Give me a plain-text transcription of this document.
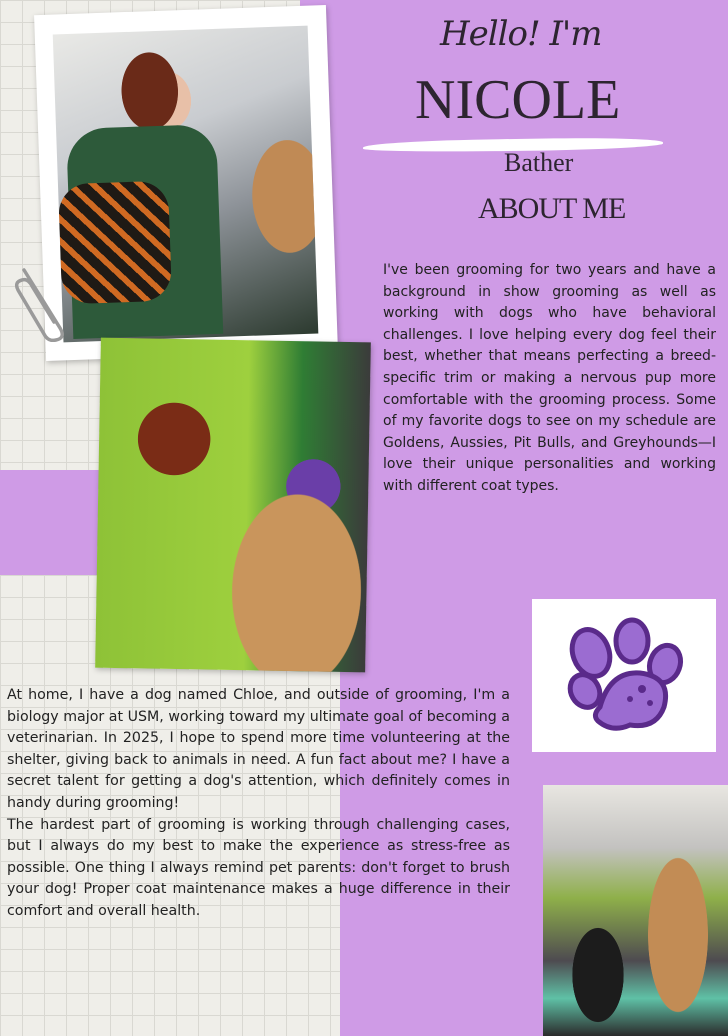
Hello! I'm
NICOLE
Bather
ABOUT ME
I've been grooming for two years and have a background in show grooming as well as working with dogs who have behavioral challenges. I love helping every dog feel their best, whether that means perfecting a breed-specific trim or making a nervous pup more comfortable with the grooming process. Some of my favorite dogs to see on my schedule are Goldens, Aussies, Pit Bulls, and Greyhounds—I love their unique personalities and working with different coat types.
At home, I have a dog named Chloe, and outside of grooming, I'm a biology major at USM, working toward my ultimate goal of becoming a veterinarian. In 2025, I hope to spend more time volunteering at the shelter, giving back to animals in need. A fun fact about me? I have a secret talent for getting a dog's attention, which definitely comes in handy during grooming!
The hardest part of grooming is working through challenging cases, but I always do my best to make the experience as stress-free as possible. One thing I always remind pet parents: don't forget to brush your dog! Proper coat maintenance makes a huge difference in their comfort and overall health.
